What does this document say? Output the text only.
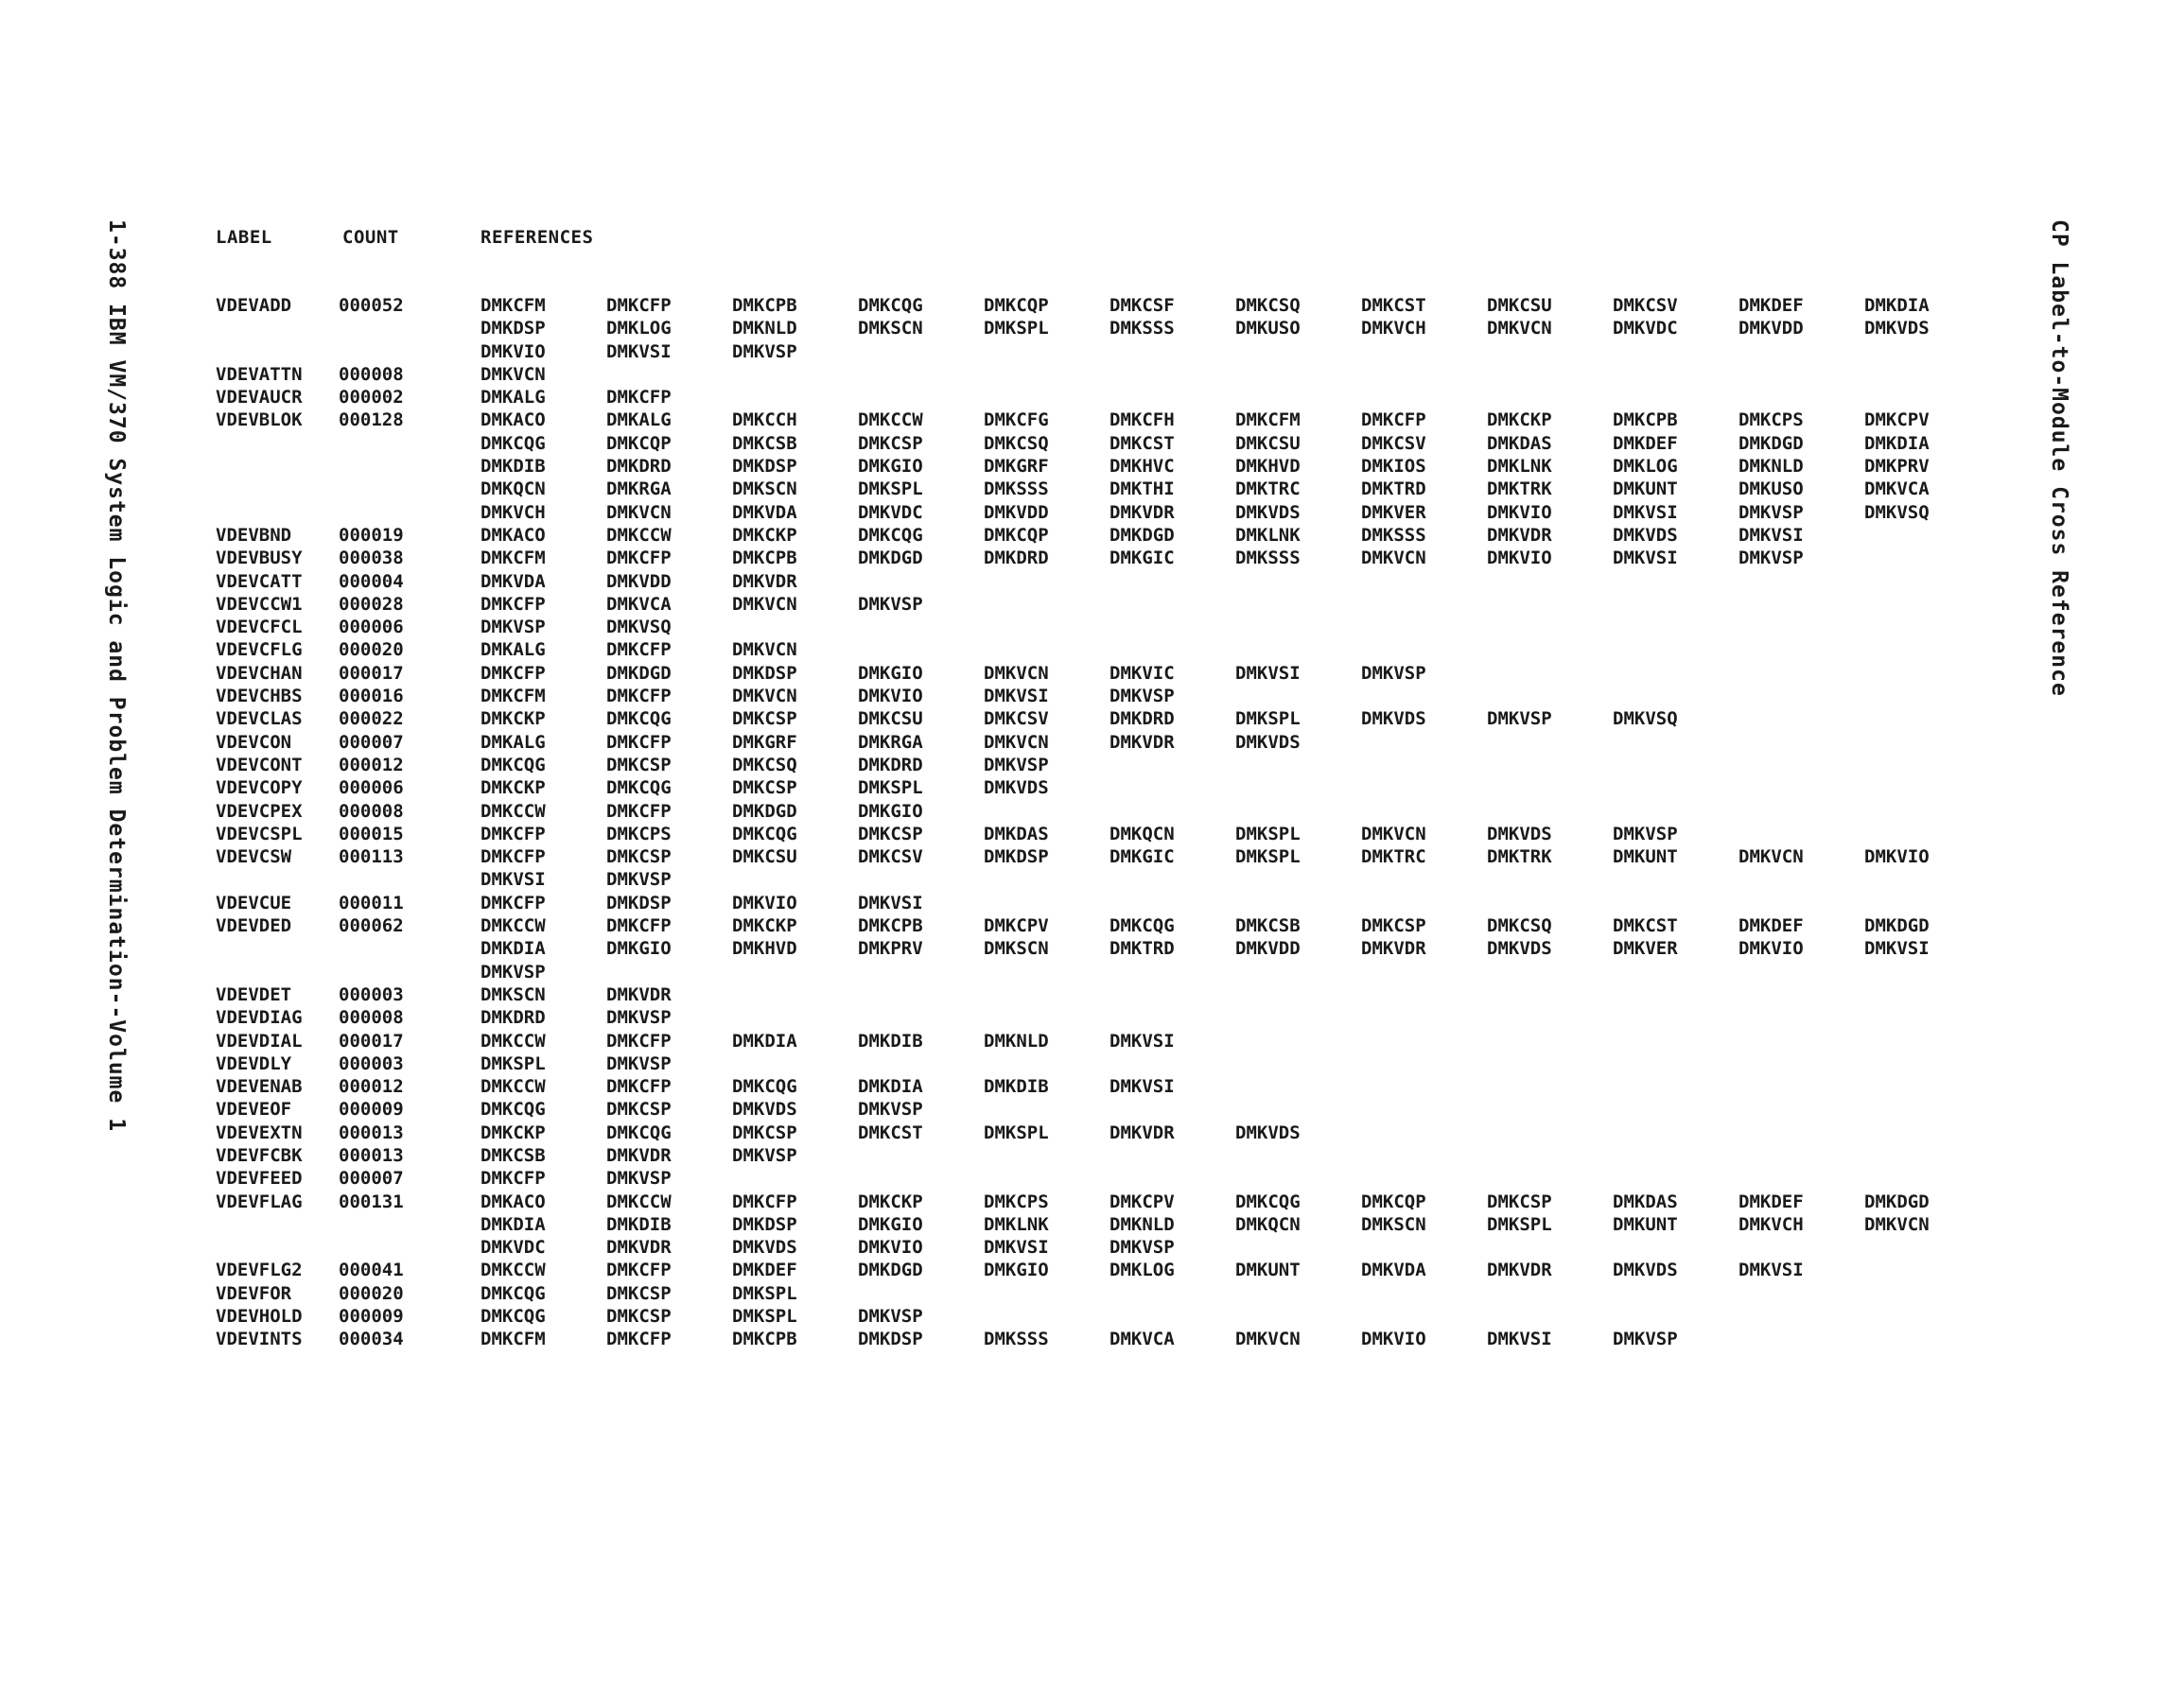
1-388 IBM VM/370 System Logic and Problem Determination--Volume 1	CP Label-to-Module Cross Reference
LABEL	COUNT	REFERENCES
VDEVADD	000052	DMKCFM	DMKCFP	DMKCPB	DMKCQG	DMKCQP	DMKCSF	DMKCSQ	DMKCST	DMKCSU	DMKCSV	DMKDEF	DMKDIA
DMKDSP	DMKLOG	DMKNLD	DMKSCN	DMKSPL	DMKSSS	DMKUSO	DMKVCH	DMKVCN	DMKVDC	DMKVDD	DMKVDS
DMKVIO	DMKVSI	DMKVSP
VDEVATTN	000008	DMKVCN
VDEVAUCR	000002	DMKALG	DMKCFP
VDEVBLOK	000128	DMKACO	DMKALG	DMKCCH	DMKCCW	DMKCFG	DMKCFH	DMKCFM	DMKCFP	DMKCKP	DMKCPB	DMKCPS	DMKCPV
DMKCQG	DMKCQP	DMKCSB	DMKCSP	DMKCSQ	DMKCST	DMKCSU	DMKCSV	DMKDAS	DMKDEF	DMKDGD	DMKDIA
DMKDIB	DMKDRD	DMKDSP	DMKGIO	DMKGRF	DMKHVC	DMKHVD	DMKIOS	DMKLNK	DMKLOG	DMKNLD	DMKPRV
DMKQCN	DMKRGA	DMKSCN	DMKSPL	DMKSSS	DMKTHI	DMKTRC	DMKTRD	DMKTRK	DMKUNT	DMKUSO	DMKVCA
DMKVCH	DMKVCN	DMKVDA	DMKVDC	DMKVDD	DMKVDR	DMKVDS	DMKVER	DMKVIO	DMKVSI	DMKVSP	DMKVSQ
VDEVBND	000019	DMKACO	DMKCCW	DMKCKP	DMKCQG	DMKCQP	DMKDGD	DMKLNK	DMKSSS	DMKVDR	DMKVDS	DMKVSI
VDEVBUSY	000038	DMKCFM	DMKCFP	DMKCPB	DMKDGD	DMKDRD	DMKGIC	DMKSSS	DMKVCN	DMKVIO	DMKVSI	DMKVSP
VDEVCATT	000004	DMKVDA	DMKVDD	DMKVDR
VDEVCCW1	000028	DMKCFP	DMKVCA	DMKVCN	DMKVSP
VDEVCFCL	000006	DMKVSP	DMKVSQ
VDEVCFLG	000020	DMKALG	DMKCFP	DMKVCN
VDEVCHAN	000017	DMKCFP	DMKDGD	DMKDSP	DMKGIO	DMKVCN	DMKVIC	DMKVSI	DMKVSP
VDEVCHBS	000016	DMKCFM	DMKCFP	DMKVCN	DMKVIO	DMKVSI	DMKVSP
VDEVCLAS	000022	DMKCKP	DMKCQG	DMKCSP	DMKCSU	DMKCSV	DMKDRD	DMKSPL	DMKVDS	DMKVSP	DMKVSQ
VDEVCON	000007	DMKALG	DMKCFP	DMKGRF	DMKRGA	DMKVCN	DMKVDR	DMKVDS
VDEVCONT	000012	DMKCQG	DMKCSP	DMKCSQ	DMKDRD	DMKVSP
VDEVCOPY	000006	DMKCKP	DMKCQG	DMKCSP	DMKSPL	DMKVDS
VDEVCPEX	000008	DMKCCW	DMKCFP	DMKDGD	DMKGIO
VDEVCSPL	000015	DMKCFP	DMKCPS	DMKCQG	DMKCSP	DMKDAS	DMKQCN	DMKSPL	DMKVCN	DMKVDS	DMKVSP
VDEVCSW	000113	DMKCFP	DMKCSP	DMKCSU	DMKCSV	DMKDSP	DMKGIC	DMKSPL	DMKTRC	DMKTRK	DMKUNT	DMKVCN	DMKVIO
DMKVSI	DMKVSP
VDEVCUE	000011	DMKCFP	DMKDSP	DMKVIO	DMKVSI
VDEVDED	000062	DMKCCW	DMKCFP	DMKCKP	DMKCPB	DMKCPV	DMKCQG	DMKCSB	DMKCSP	DMKCSQ	DMKCST	DMKDEF	DMKDGD
DMKDIA	DMKGIO	DMKHVD	DMKPRV	DMKSCN	DMKTRD	DMKVDD	DMKVDR	DMKVDS	DMKVER	DMKVIO	DMKVSI
DMKVSP
VDEVDET	000003	DMKSCN	DMKVDR
VDEVDIAG	000008	DMKDRD	DMKVSP
VDEVDIAL	000017	DMKCCW	DMKCFP	DMKDIA	DMKDIB	DMKNLD	DMKVSI
VDEVDLY	000003	DMKSPL	DMKVSP
VDEVENAB	000012	DMKCCW	DMKCFP	DMKCQG	DMKDIA	DMKDIB	DMKVSI
VDEVEOF	000009	DMKCQG	DMKCSP	DMKVDS	DMKVSP
VDEVEXTN	000013	DMKCKP	DMKCQG	DMKCSP	DMKCST	DMKSPL	DMKVDR	DMKVDS
VDEVFCBK	000013	DMKCSB	DMKVDR	DMKVSP
VDEVFEED	000007	DMKCFP	DMKVSP
VDEVFLAG	000131	DMKACO	DMKCCW	DMKCFP	DMKCKP	DMKCPS	DMKCPV	DMKCQG	DMKCQP	DMKCSP	DMKDAS	DMKDEF	DMKDGD
DMKDIA	DMKDIB	DMKDSP	DMKGIO	DMKLNK	DMKNLD	DMKQCN	DMKSCN	DMKSPL	DMKUNT	DMKVCH	DMKVCN
DMKVDC	DMKVDR	DMKVDS	DMKVIO	DMKVSI	DMKVSP
VDEVFLG2	000041	DMKCCW	DMKCFP	DMKDEF	DMKDGD	DMKGIO	DMKLOG	DMKUNT	DMKVDA	DMKVDR	DMKVDS	DMKVSI
VDEVFOR	000020	DMKCQG	DMKCSP	DMKSPL
VDEVHOLD	000009	DMKCQG	DMKCSP	DMKSPL	DMKVSP
VDEVINTS	000034	DMKCFM	DMKCFP	DMKCPB	DMKDSP	DMKSSS	DMKVCA	DMKVCN	DMKVIO	DMKVSI	DMKVSP
